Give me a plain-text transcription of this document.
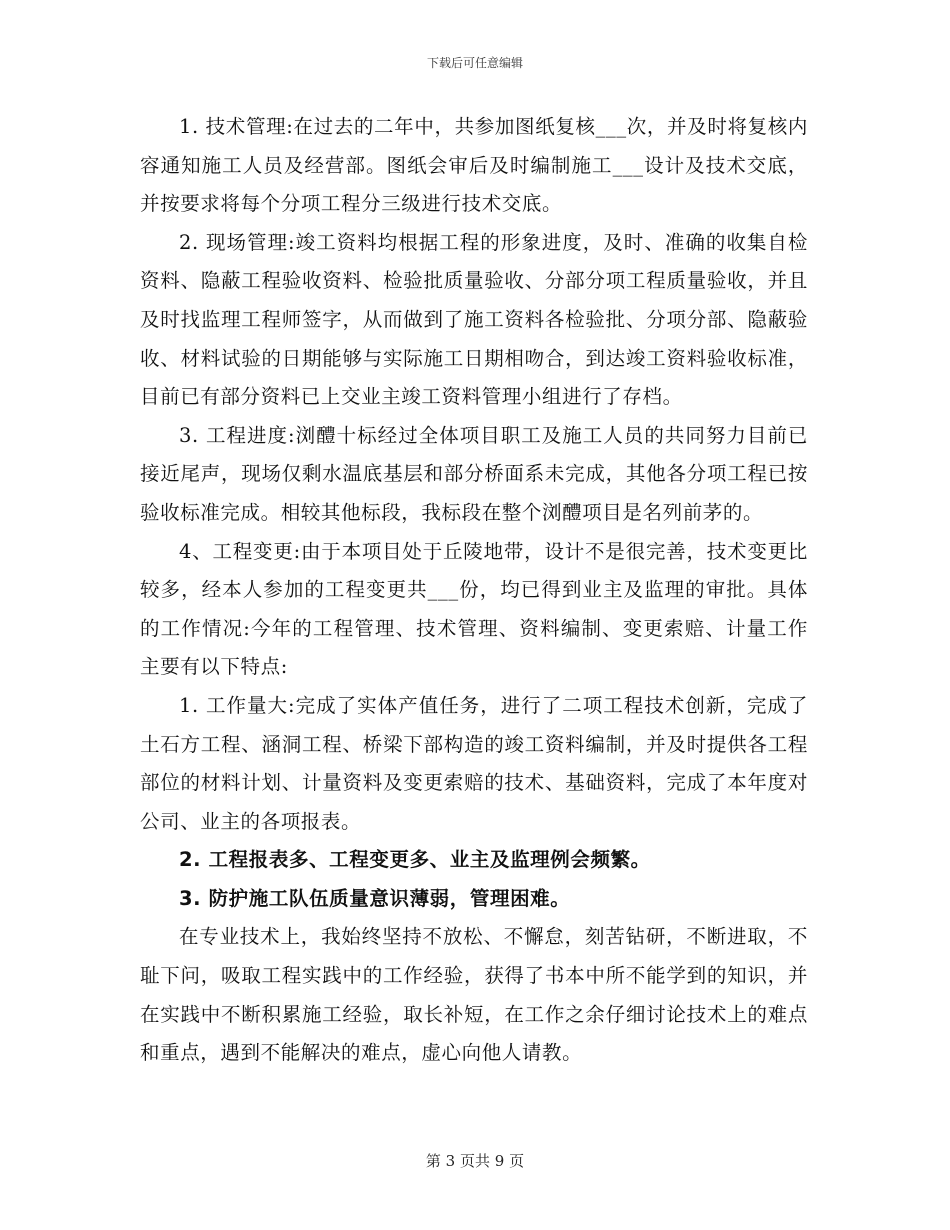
下载后可任意编辑

1. 技术管理:在过去的二年中，共参加图纸复核___次，并及时将复核内容通知施工人员及经营部。图纸会审后及时编制施工___设计及技术交底，并按要求将每个分项工程分三级进行技术交底。

2. 现场管理:竣工资料均根据工程的形象进度，及时、准确的收集自检资料、隐蔽工程验收资料、检验批质量验收、分部分项工程质量验收，并且及时找监理工程师签字，从而做到了施工资料各检验批、分项分部、隐蔽验收、材料试验的日期能够与实际施工日期相吻合，到达竣工资料验收标准，目前已有部分资料已上交业主竣工资料管理小组进行了存档。

3. 工程进度:浏醴十标经过全体项目职工及施工人员的共同努力目前已接近尾声，现场仅剩水温底基层和部分桥面系未完成，其他各分项工程已按验收标准完成。相较其他标段，我标段在整个浏醴项目是名列前茅的。

4、工程变更:由于本项目处于丘陵地带，设计不是很完善，技术变更比较多，经本人参加的工程变更共___份，均已得到业主及监理的审批。具体的工作情况:今年的工程管理、技术管理、资料编制、变更索赔、计量工作主要有以下特点:

1. 工作量大:完成了实体产值任务，进行了二项工程技术创新，完成了土石方工程、涵洞工程、桥梁下部构造的竣工资料编制，并及时提供各工程部位的材料计划、计量资料及变更索赔的技术、基础资料，完成了本年度对公司、业主的各项报表。

2. 工程报表多、工程变更多、业主及监理例会频繁。

3. 防护施工队伍质量意识薄弱，管理困难。

在专业技术上，我始终坚持不放松、不懈怠，刻苦钻研，不断进取，不耻下问，吸取工程实践中的工作经验，获得了书本中所不能学到的知识，并在实践中不断积累施工经验，取长补短，在工作之余仔细讨论技术上的难点和重点，遇到不能解决的难点，虚心向他人请教。

第 3 页共 9 页
